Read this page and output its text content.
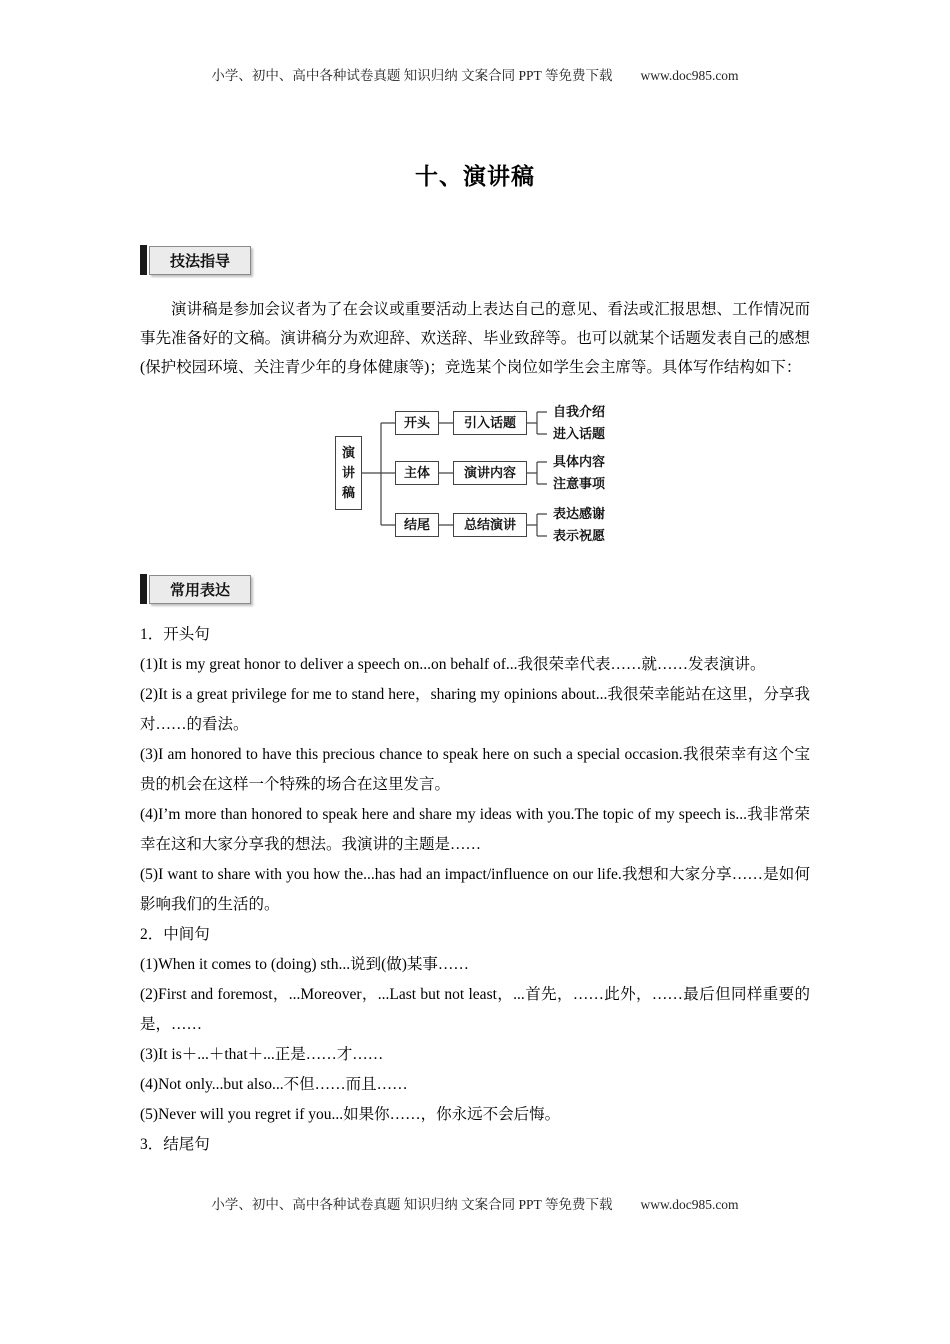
小学、初中、高中各种试卷真题 知识归纳 文案合同 PPT 等免费下载 www.doc985.com
十、演讲稿
技法指导

演讲稿是参加会议者为了在会议或重要活动上表达自己的意见、看法或汇报思想、工作情况而事先准备好的文稿。演讲稿分为欢迎辞、欢送辞、毕业致辞等。也可以就某个话题发表自己的感想(保护校园环境、关注青少年的身体健康等)；竞选某个岗位如学生会主席等。具体写作结构如下：

演讲稿
开头	引入话题
自我介绍
进入话题
主体	演讲内容
具体内容
注意事项
结尾	总结演讲
表达感谢
表示祝愿
常用表达
1．开头句
(1)It is my great honor to deliver a speech on...on behalf of...我很荣幸代表……就……发表演讲。
(2)It is a great privilege for me to stand here，sharing my opinions about...我很荣幸能站在这里，分享我对……的看法。
(3)I am honored to have this precious chance to speak here on such a special occasion.我很荣幸有这个宝贵的机会在这样一个特殊的场合在这里发言。
(4)I’m more than honored to speak here and share my ideas with you.The topic of my speech is...我非常荣幸在这和大家分享我的想法。我演讲的主题是……
(5)I want to share with you how the...has had an impact/influence on our life.我想和大家分享……是如何影响我们的生活的。
2．中间句
(1)When it comes to (doing) sth...说到(做)某事……
(2)First and foremost，...Moreover，...Last but not least，...首先，……此外，……最后但同样重要的是，……
(3)It is＋...＋that＋...正是……才……
(4)Not only...but also...不但……而且……
(5)Never will you regret if you...如果你……，你永远不会后悔。
3．结尾句
小学、初中、高中各种试卷真题 知识归纳 文案合同 PPT 等免费下载 www.doc985.com
